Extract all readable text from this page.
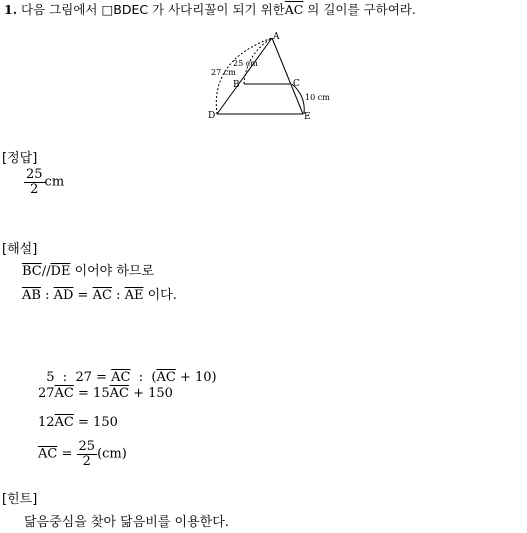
1. 다음 그림에서 □BDEC 가 사다리꼴이 되기 위한$\overline{AC}$ 의 길이를 구하여라.
A
B	C
D	E
25 cm
27 cm
10 cm
[정답]
$\frac{25}{2}$ cm
[해설]
$\overline{BC}//\overline{DE}$ 이어야 하므로
$\overline{AB}$ : $\overline{AD} = \overline{AC}$ : $\overline{AE}$ 이다.

5  :  $27 = \overline{AC}$  :  $(\overline{AC} + 10)$

$27\overline{AC} = 15\overline{AC} + 150$
$12\overline{AC} = 150$
$\overline{AC} = \frac{25}{2} (cm)$
[힌트]
닮음중심을 찾아 닮음비를 이용한다.
